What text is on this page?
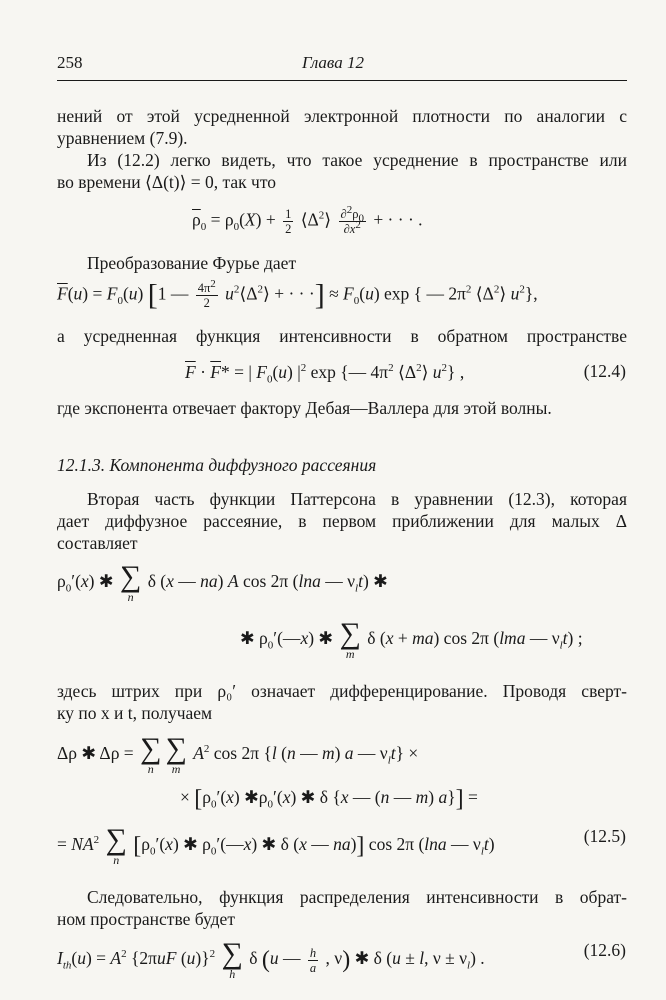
258	Глава 12

нений от этой усредненной электронной плотности по аналогии с

уравнением (7.9).

Из (12.2) легко видеть, что такое усреднение в пространстве или

во времени ⟨Δ(t)⟩ = 0, так что

$\overline{\rho}_0 = \rho_0(X) + \frac{1}{2}$ $⟨\Delta^2⟩ \frac{\partial^2\rho_0}{\partial x^2}$ + · · · .

Преобразование Фурье дает

$\overline{F}(u) = F_0(u)$ [1 — $\frac{4\pi^2}{2}$ $u^2⟨\Delta^2⟩$ + · · ·] ≈ $F_0(u)$ exp { — $2\pi^2$ $⟨\Delta^2⟩$ $u^2$},

а усредненная функция интенсивности в обратном пространстве

$\overline{F} \cdot \overline{F}*$ = | $F_0(u)$ $|^2$ exp {— $4\pi^2$ $⟨\Delta^2⟩$ $u^2$} ,	(12.4)

где экспонента отвечает фактору Дебая—Валлера для этой волны.

12.1.3. Компонента диффузного рассеяния

Вторая часть функции Паттерсона в уравнении (12.3), которая

дает диффузное рассеяние, в первом приближении для малых Δ

составляет

$\rho_0'(x)$ ✱ ∑
n
δ (x — na) A cos 2π (lna — $\nu_lt$) ✱
✱ $\rho_0'(—x)$ ✱ ∑
m
δ (x + ma) cos 2π (lma — $\nu_lt$) ;

здесь штрих при ρ₀′ означает дифференцирование. Проводя сверт-

ку по x и t, получаем

Δρ ✱ Δρ = ∑
n
∑
m
$A^2$ cos 2π {l (n — m) a — $\nu_lt$} ×
× [$\rho_0'(x)$ $✱\rho_0'(x)$ ✱ δ {x — (n — m) a}] =
= $NA^2$ ∑
n
[$\rho_0'(x)$ ✱ $\rho_0'(—x)$ ✱ δ (x — na)] cos 2π (lna — $\nu_lt$)	(12.5)

Следовательно, функция распределения интенсивности в обрат-

ном пространстве будет

$I_{th}(u) = A^2$ {2πuF (u)}$^2$ ∑
h
δ (u — $\frac{h}{a}$ , ν) ✱ δ (u ± l, $\nu \pm \nu_l$) .	(12.6)
